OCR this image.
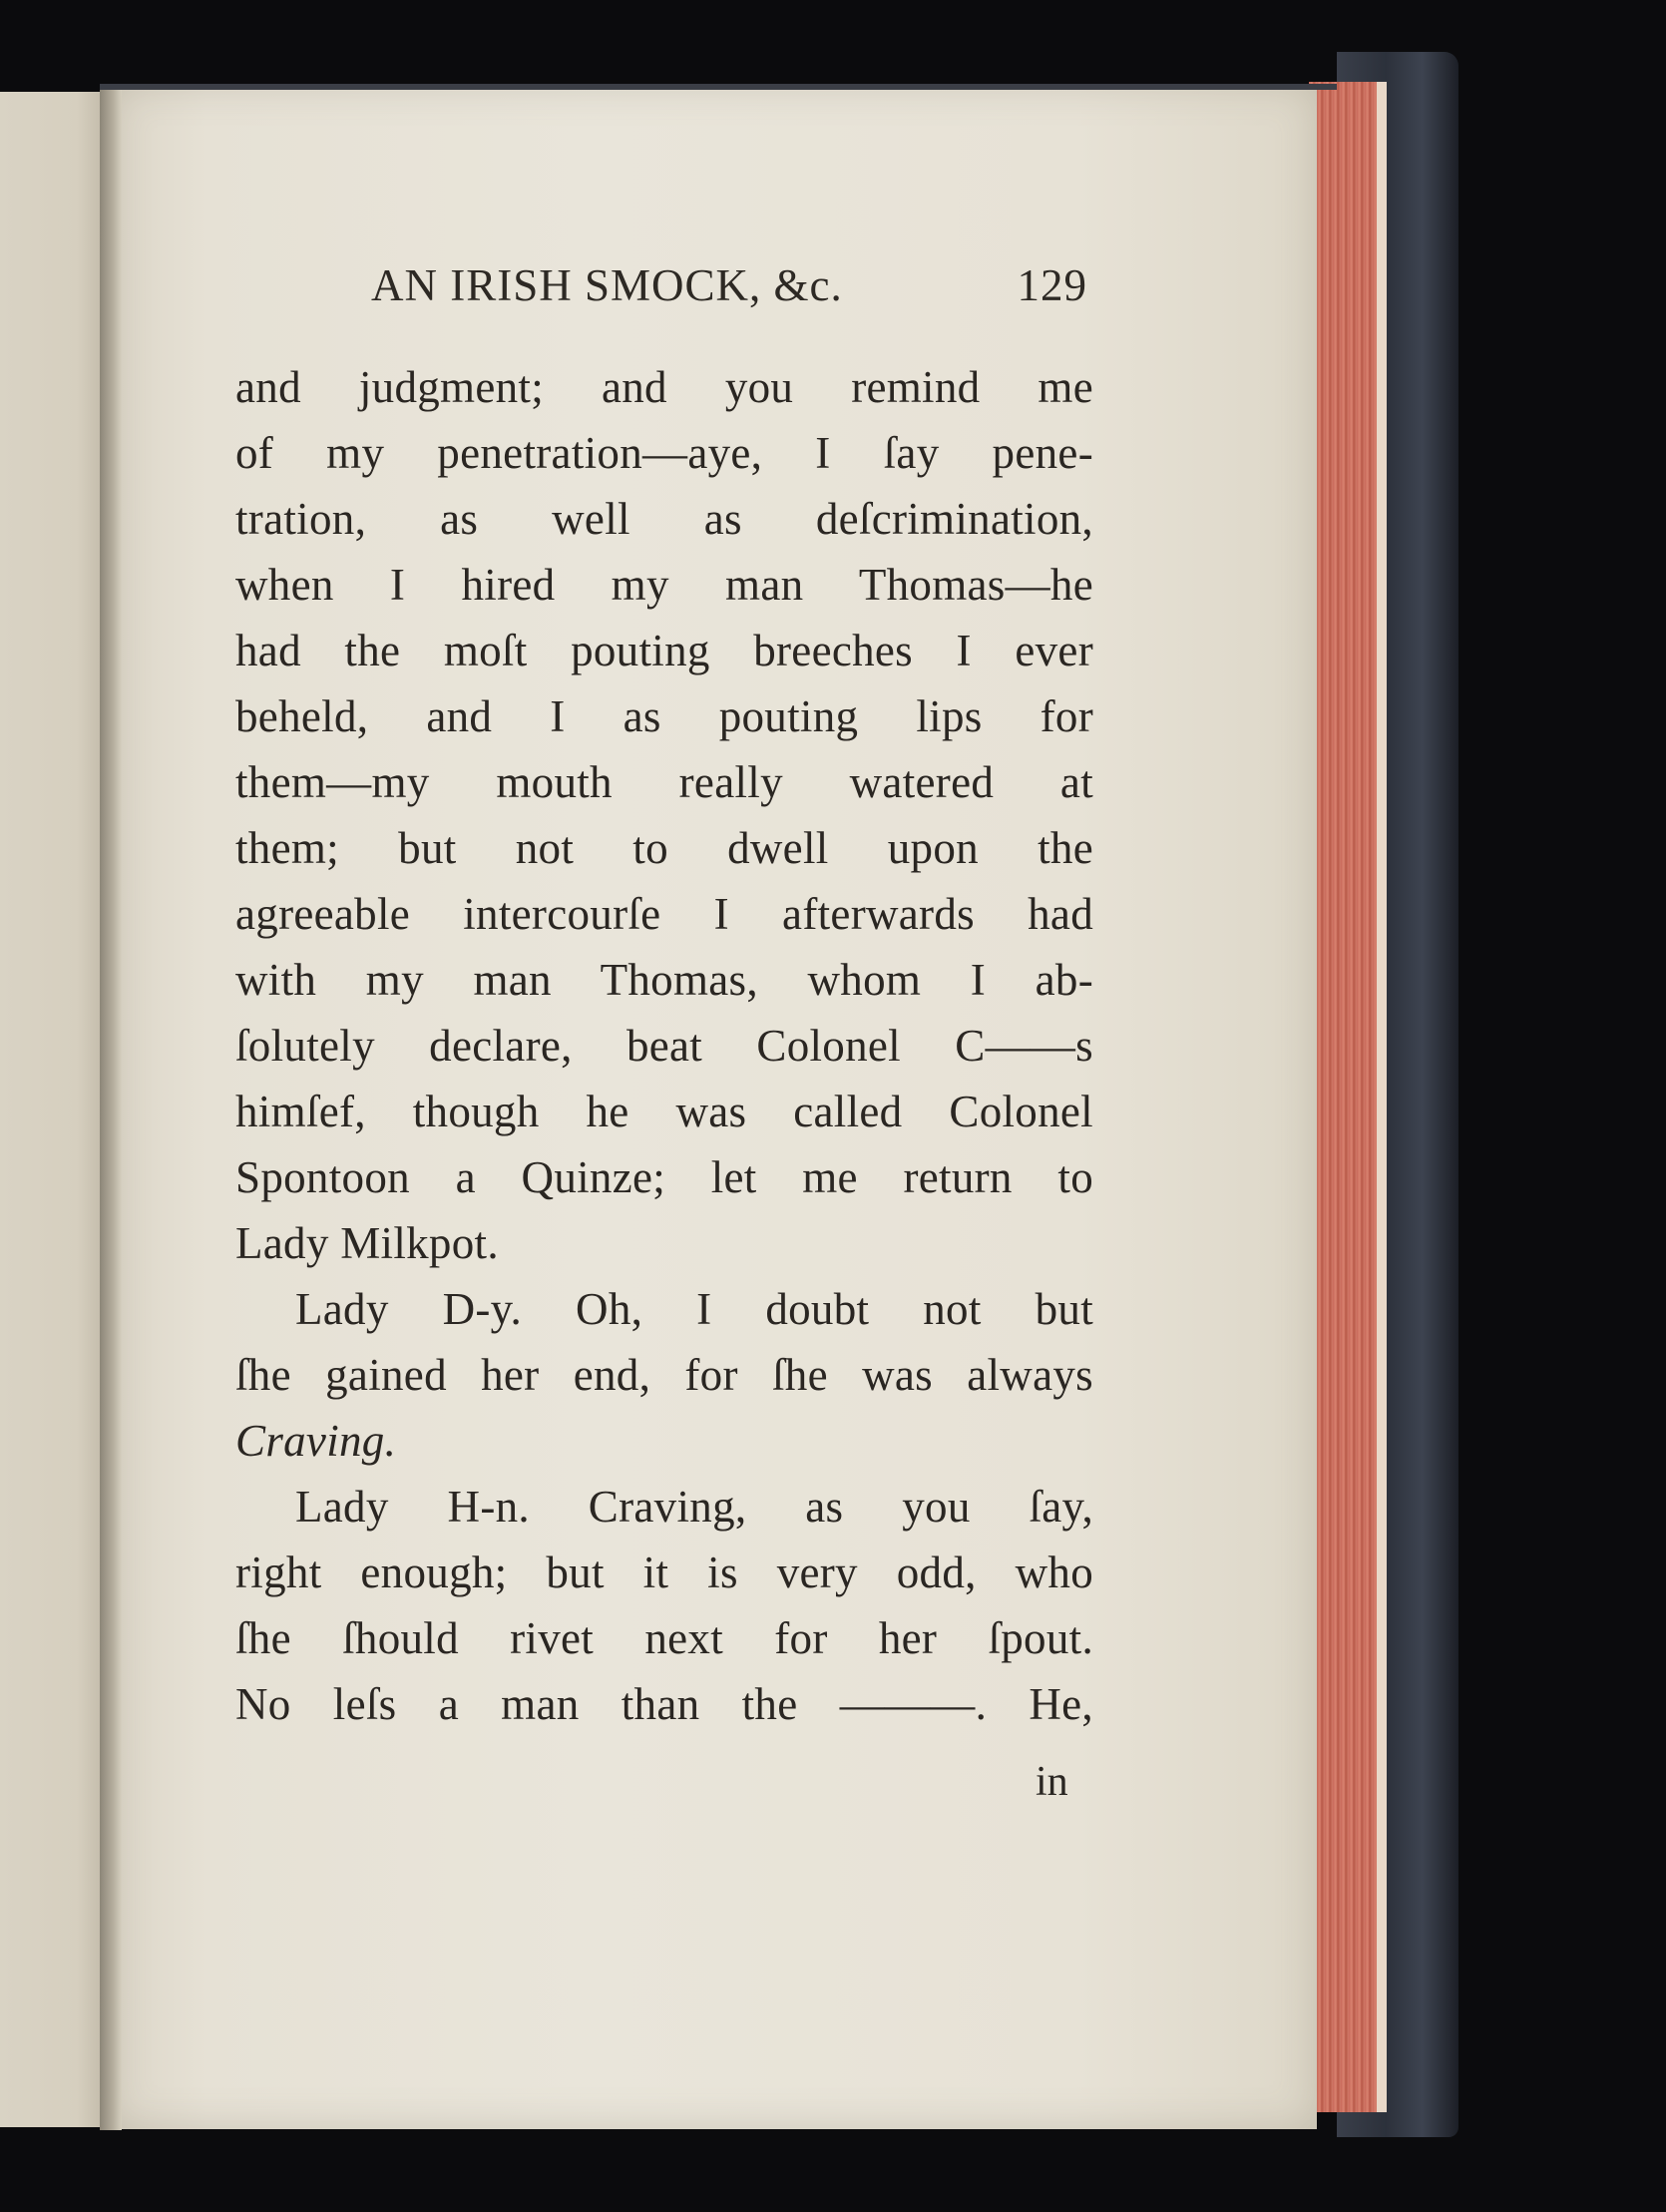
AN IRISH SMOCK, &c.	129
and judgment; and you remind me
of my penetration—aye, I ſay pene-
tration, as well as deſcrimination,
when I hired my man Thomas—he
had the moſt pouting breeches I ever
beheld, and I as pouting lips for
them—my mouth really watered at
them; but not to dwell upon the
agreeable intercourſe I afterwards had
with my man Thomas, whom I ab-
ſolutely declare, beat Colonel C——s
himſef, though he was called Colonel
Spontoon a Quinze; let me return to
Lady Milkpot.
Lady D-y. Oh, I doubt not but
ſhe gained her end, for ſhe was always
Craving.
Lady H-n. Craving, as you ſay,
right enough; but it is very odd, who
ſhe ſhould rivet next for her ſpout.
No leſs a man than the ———. He,
in
